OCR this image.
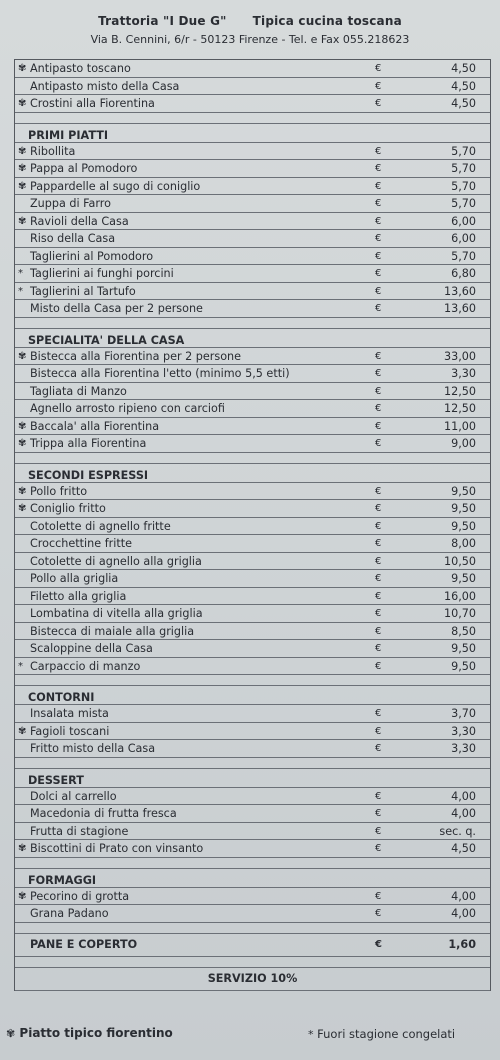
Trattoria "I Due G" Tipica cucina toscana
Via B. Cennini, 6/r - 50123 Firenze - Tel. e Fax 055.218623
✾ Antipasto toscano	€	4,50
Antipasto misto della Casa	€	4,50
✾ Crostini alla Fiorentina	€	4,50
PRIMI PIATTI
✾ Ribollita	€	5,70
✾ Pappa al Pomodoro	€	5,70
✾ Pappardelle al sugo di coniglio	€	5,70
Zuppa di Farro	€	5,70
✾ Ravioli della Casa	€	6,00
Riso della Casa	€	6,00
Taglierini al Pomodoro	€	5,70
* Taglierini ai funghi porcini	€	6,80
* Taglierini al Tartufo	€	13,60
Misto della Casa per 2 persone	€	13,60
SPECIALITA' DELLA CASA
✾ Bistecca alla Fiorentina per 2 persone	€	33,00
Bistecca alla Fiorentina l'etto (minimo 5,5 etti)	€	3,30
Tagliata di Manzo	€	12,50
Agnello arrosto ripieno con carciofi	€	12,50
✾ Baccala' alla Fiorentina	€	11,00
✾ Trippa alla Fiorentina	€	9,00
SECONDI ESPRESSI
✾ Pollo fritto	€	9,50
✾ Coniglio fritto	€	9,50
Cotolette di agnello fritte	€	9,50
Crocchettine fritte	€	8,00
Cotolette di agnello alla griglia	€	10,50
Pollo alla griglia	€	9,50
Filetto alla griglia	€	16,00
Lombatina di vitella alla griglia	€	10,70
Bistecca di maiale alla griglia	€	8,50
Scaloppine della Casa	€	9,50
* Carpaccio di manzo	€	9,50
CONTORNI
Insalata mista	€	3,70
✾ Fagioli toscani	€	3,30
Fritto misto della Casa	€	3,30
DESSERT
Dolci al carrello	€	4,00
Macedonia di frutta fresca	€	4,00
Frutta di stagione	€	sec. q.
✾ Biscottini di Prato con vinsanto	€	4,50
FORMAGGI
✾ Pecorino di grotta	€	4,00
Grana Padano	€	4,00
PANE E COPERTO	€	1,60
SERVIZIO 10%
✾ Piatto tipico fiorentino	* Fuori stagione congelati
